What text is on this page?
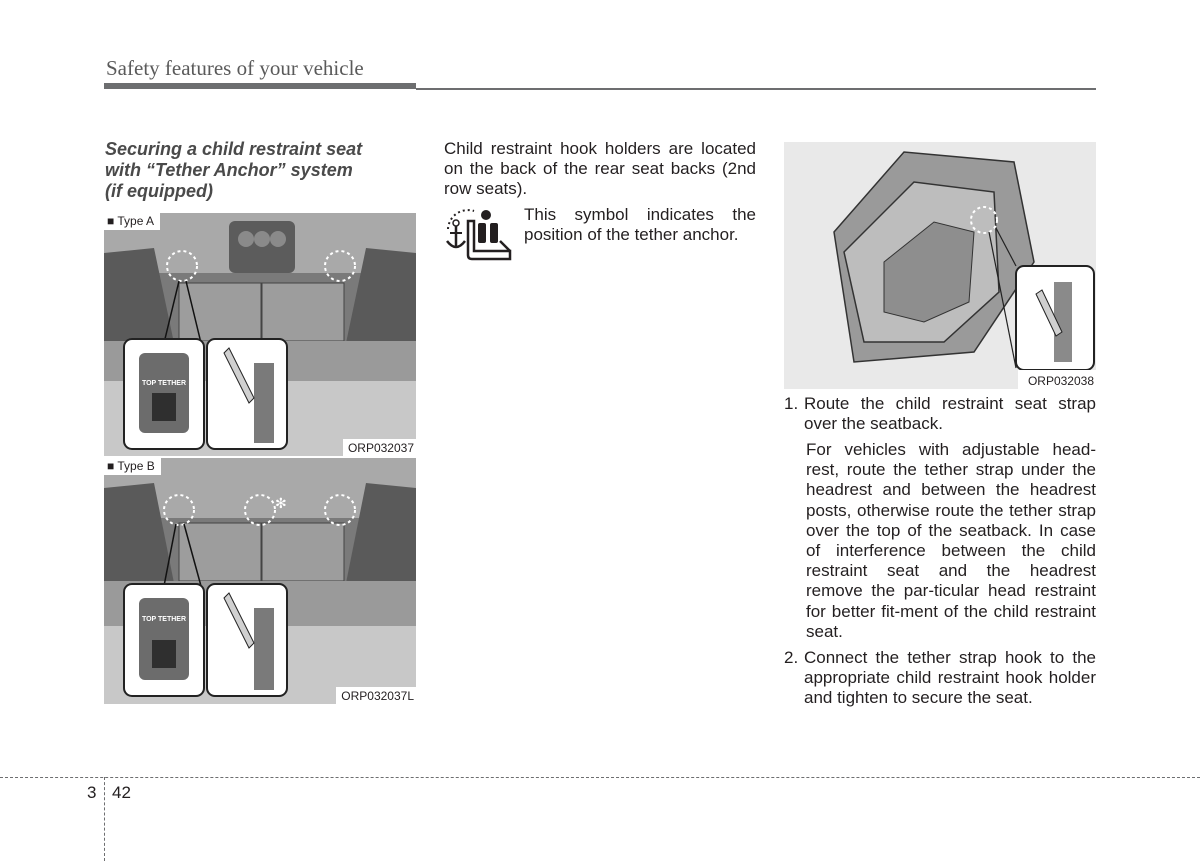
Safety features of your vehicle
Securing a child restraint seat
with “Tether Anchor” system
(if equipped)
TOP TETHER
■ Type A
ORP032037
✻
TOP TETHER
■ Type B
ORP032037L
Child restraint hook holders are located on the back of the rear seat backs (2nd row seats).
This symbol indicates the position of the tether anchor.
ORP032038
1. Route the child restraint seat strap over the seatback.
For vehicles with adjustable head-rest, route the tether strap under the headrest and between the headrest posts, otherwise route the tether strap over the top of the seatback. In case of interference between the child restraint seat and the headrest remove the par-ticular head restraint for better fit-ment of the child restraint seat.
2. Connect the tether strap hook to the appropriate child restraint hook holder and tighten to secure the seat.
3 42
